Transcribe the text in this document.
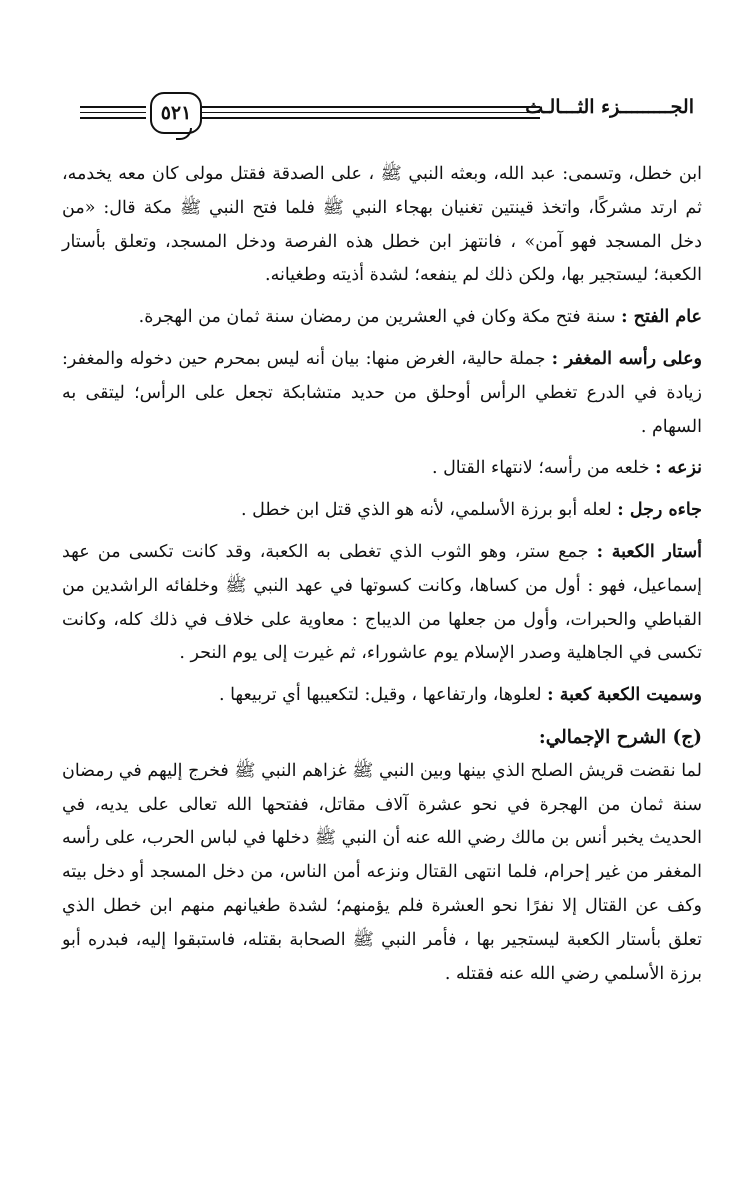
الجـــــــــزء الثـــالـث
٥٢١

ابن خطل، وتسمى: عبد الله، وبعثه النبي ﷺ ، على الصدقة فقتل مولى كان معه يخدمه، ثم ارتد مشركًا، واتخذ قينتين تغنيان بهجاء النبي ﷺ فلما فتح النبي ﷺ مكة قال: «من دخل المسجد فهو آمن» ، فانتهز ابن خطل هذه الفرصة ودخل المسجد، وتعلق بأستار الكعبة؛ ليستجير بها، ولكن ذلك لم ينفعه؛ لشدة أذيته وطغيانه.

عام الفتح : سنة فتح مكة وكان في العشرين من رمضان سنة ثمان من الهجرة.

وعلى رأسه المغفر : جملة حالية، الغرض منها: بيان أنه ليس بمحرم حين دخوله والمغفر: زيادة في الدرع تغطي الرأس أوحلق من حديد متشابكة تجعل على الرأس؛ ليتقى به السهام .

نزعه : خلعه من رأسه؛ لانتهاء القتال .

جاءه رجل : لعله أبو برزة الأسلمي، لأنه هو الذي قتل ابن خطل .

أستار الكعبة : جمع ستر، وهو الثوب الذي تغطى به الكعبة، وقد كانت تكسى من عهد إسماعيل، فهو : أول من كساها، وكانت كسوتها في عهد النبي ﷺ وخلفائه الراشدين من القباطي والحبرات، وأول من جعلها من الديباج : معاوية على خلاف في ذلك كله، وكانت تكسى في الجاهلية وصدر الإسلام يوم عاشوراء، ثم غيرت إلى يوم النحر .

وسميت الكعبة كعبة : لعلوها، وارتفاعها ، وقيل: لتكعيبها أي تربيعها .

(ج) الشرح الإجمالي:

لما نقضت قريش الصلح الذي بينها وبين النبي ﷺ غزاهم النبي ﷺ فخرج إليهم في رمضان سنة ثمان من الهجرة في نحو عشرة آلاف مقاتل، ففتحها الله تعالى على يديه، في الحديث يخبر أنس بن مالك رضي الله عنه أن النبي ﷺ دخلها في لباس الحرب، على رأسه المغفر من غير إحرام، فلما انتهى القتال ونزعه أمن الناس، من دخل المسجد أو دخل بيته وكف عن القتال إلا نفرًا نحو العشرة فلم يؤمنهم؛ لشدة طغيانهم منهم ابن خطل الذي تعلق بأستار الكعبة ليستجير بها ، فأمر النبي ﷺ الصحابة بقتله، فاستبقوا إليه، فبدره أبو برزة الأسلمي رضي الله عنه فقتله .
